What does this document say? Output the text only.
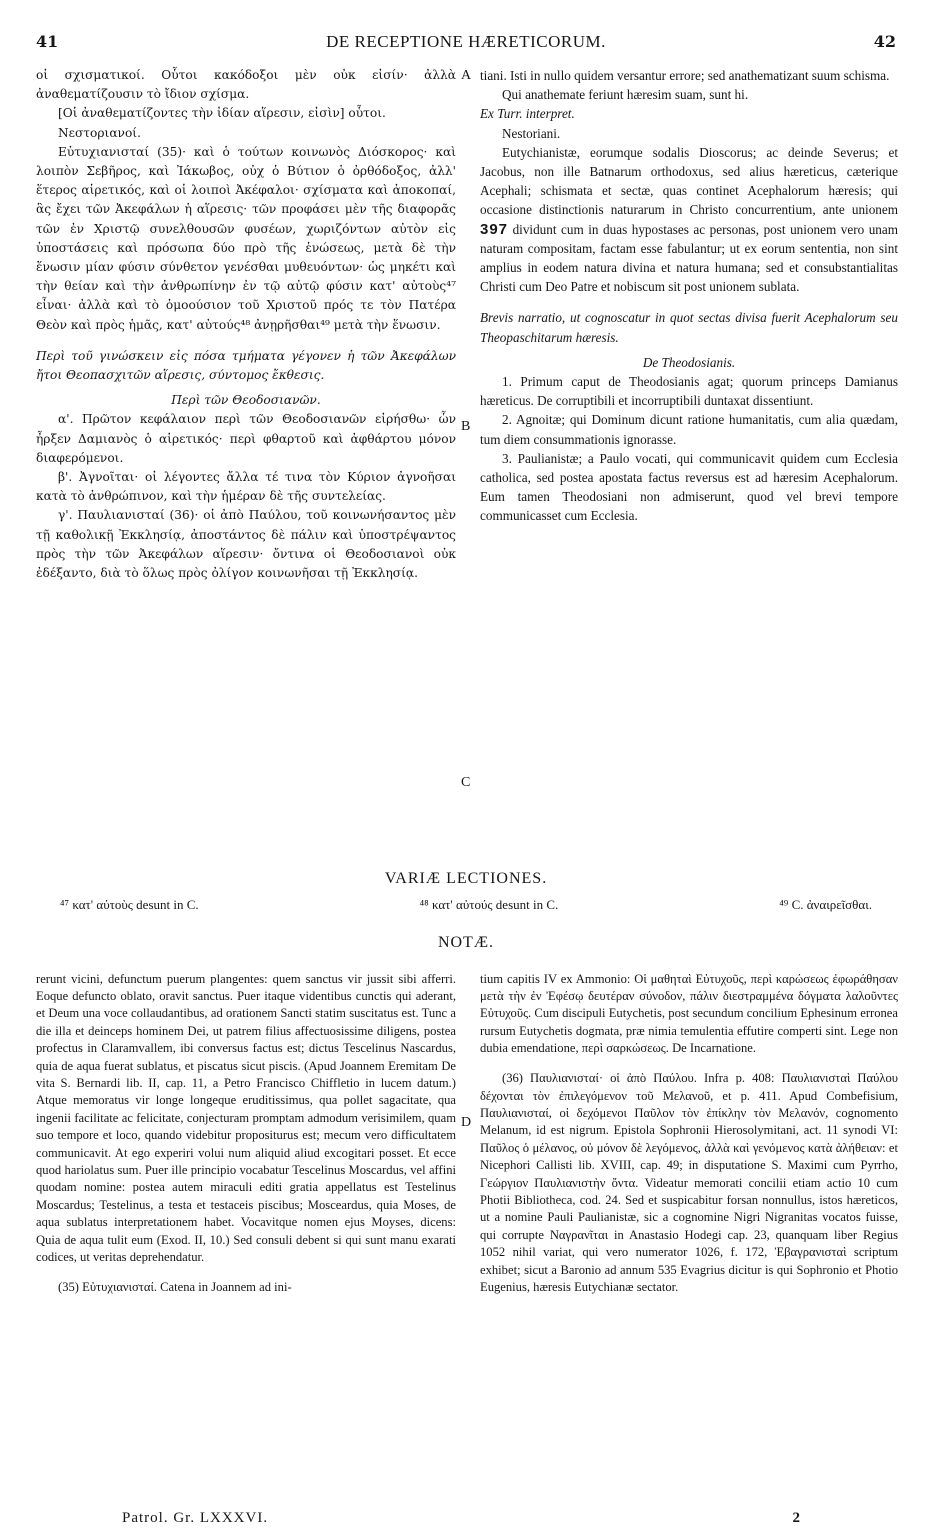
41	DE RECEPTIONE HÆRETICORUM.	42

οἱ σχισματικοί. Οὗτοι κακόδοξοι μὲν οὐκ εἰσίν· ἀλλὰ ἀναθεματίζουσιν τὸ ἴδιον σχίσμα.

[Οἱ ἀναθεματίζοντες τὴν ἰδίαν αἵρεσιν, εἰσὶν] οὗτοι.

Νεστοριανοί.

Εὐτυχιανισταί (35)· καὶ ὁ τούτων κοινωνὸς Διόσκορος· καὶ λοιπὸν Σεβῆρος, καὶ Ἰάκωβος, οὐχ ὁ Βύτιον ὁ ὀρθόδοξος, ἀλλ' ἕτερος αἱρετικός, καὶ οἱ λοιποὶ Ἀκέφαλοι· σχίσματα καὶ ἀποκοπαί, ἃς ἔχει τῶν Ἀκεφάλων ἡ αἵρεσις· τῶν προφάσει μὲν τῆς διαφορᾶς τῶν ἐν Χριστῷ συνελθουσῶν φυσέων, χωριζόντων αὐτὸν εἰς ὑποστάσεις καὶ πρόσωπα δύο πρὸ τῆς ἑνώσεως, μετὰ δὲ τὴν ἕνωσιν μίαν φύσιν σύνθετον γενέσθαι μυθευόντων· ὡς μηκέτι καὶ τὴν θείαν καὶ τὴν ἀνθρωπίνην ἐν τῷ αὐτῷ φύσιν κατ' αὐτοὺς⁴⁷ εἶναι· ἀλλὰ καὶ τὸ ὁμοούσιον τοῦ Χριστοῦ πρός τε τὸν Πατέρα Θεὸν καὶ πρὸς ἡμᾶς, κατ' αὐτούς⁴⁸ ἀνῃρῆσθαι⁴⁹ μετὰ τὴν ἕνωσιν.

Περὶ τοῦ γινώσκειν εἰς πόσα τμήματα γέγονεν ἡ τῶν Ἀκεφάλων ἤτοι Θεοπασχιτῶν αἵρεσις, σύντομος ἔκθεσις.

Περὶ τῶν Θεοδοσιανῶν.

α'. Πρῶτον κεφάλαιον περὶ τῶν Θεοδοσιανῶν εἰρήσθω· ὧν ἦρξεν Δαμιανὸς ὁ αἱρετικός· περὶ φθαρτοῦ καὶ ἀφθάρτου μόνον διαφερόμενοι.

β'. Ἀγνοῖται· οἱ λέγοντες ἄλλα τέ τινα τὸν Κύριον ἀγνοῆσαι κατὰ τὸ ἀνθρώπινον, καὶ τὴν ἡμέραν δὲ τῆς συντελείας.

γ'. Παυλιανισταί (36)· οἱ ἀπὸ Παύλου, τοῦ κοινωνήσαντος μὲν τῇ καθολικῇ Ἐκκλησίᾳ, ἀποστάντος δὲ πάλιν καὶ ὑποστρέψαντος πρὸς τὴν τῶν Ἀκεφάλων αἵρεσιν· ὄντινα οἱ Θεοδοσιανοὶ οὐκ ἐδέξαντο, διὰ τὸ ὅλως πρὸς ὀλίγον κοινωνῆσαι τῇ Ἐκκλησίᾳ.

A
B
C
D

tiani. Isti in nullo quidem versantur errore; sed anathematizant suum schisma.

Qui anathemate feriunt hæresim suam, sunt hi.

Ex Turr. interpret.

Nestoriani.

Eutychianistæ, eorumque sodalis Dioscorus; ac deinde Severus; et Jacobus, non ille Batnarum orthodoxus, sed alius hæreticus, cæterique Acephali; schismata et sectæ, quas continet Acephalorum hæresis; qui occasione distinctionis naturarum in Christo concurrentium, ante unionem 397 dividunt cum in duas hypostases ac personas, post unionem vero unam naturam compositam, factam esse fabulantur; ut ex eorum sententia, non sint amplius in eodem natura divina et natura humana; sed et consubstantialitas Christi cum Deo Patre et nobiscum sit post unionem sublata.

Brevis narratio, ut cognoscatur in quot sectas divisa fuerit Acephalorum seu Theopaschitarum hæresis.

De Theodosianis.

1. Primum caput de Theodosianis agat; quorum princeps Damianus hæreticus. De corruptibili et incorruptibili duntaxat dissentiunt.

2. Agnoitæ; qui Dominum dicunt ratione humanitatis, cum alia quædam, tum diem consummationis ignorasse.

3. Paulianistæ; a Paulo vocati, qui communicavit quidem cum Ecclesia catholica, sed postea apostata factus reversus est ad hæresim Acephalorum. Eum tamen Theodosiani non admiserunt, quod vel brevi tempore communicasset cum Ecclesia.

VARIÆ LECTIONES.
⁴⁷ κατ' αὐτοὺς desunt in C.	⁴⁸ κατ' αὐτούς desunt in C.	⁴⁹ C. ἀναιρεῖσθαι.
NOTÆ.

rerunt vicini, defunctum puerum plangentes: quem sanctus vir jussit sibi afferri. Eoque defuncto oblato, oravit sanctus. Puer itaque videntibus cunctis qui aderant, et Deum una voce collaudantibus, ad orationem Sancti statim suscitatus est. Tunc a die illa et deinceps hominem Dei, ut patrem filius affectuosissime diligens, postea profectus in Claramvallem, ibi conversus factus est; dictus Tescelinus Nascardus, quia de aqua fuerat sublatus, et piscatus sicut piscis. (Apud Joannem Eremitam De vita S. Bernardi lib. II, cap. 11, a Petro Francisco Chiffletio in lucem datum.) Atque memoratus vir longe longeque eruditissimus, qua pollet sagacitate, qua ingenii facilitate ac felicitate, conjecturam promptam admodum verisimilem, quam suo tempore et loco, quando videbitur propositurus est; mecum vero difficultatem communicavit. At ego experiri volui num aliquid aliud excogitari posset. Et ecce quod hariolatus sum. Puer ille principio vocabatur Tescelinus Moscardus, vel affini quodam nomine: postea autem miraculi editi gratia appellatus est Testelinus Moscardus; Testelinus, a testa et testaceis piscibus; Mosceardus, quia Moses, de aqua sublatus interpretationem habet. Vocavitque nomen ejus Moyses, dicens: Quia de aqua tulit eum (Exod. II, 10.) Sed consuli debent si qui sunt manu exarati codices, ut veritas deprehendatur.

(35) Εὐτυχιανισταί. Catena in Joannem ad ini-

tium capitis IV ex Ammonio: Οἱ μαθηταὶ Εὐτυχοῦς, περὶ καρώσεως ἐφωράθησαν μετὰ τὴν ἐν Ἐφέσῳ δευτέραν σύνοδον, πάλιν διεστραμμένα δόγματα λαλοῦντες Εὐτυχοῦς. Cum discipuli Eutychetis, post secundum concilium Ephesinum erronea rursum Eutychetis dogmata, præ nimia temulentia effutire comperti sint. Lege non dubia emendatione, περὶ σαρκώσεως. De Incarnatione.

(36) Παυλιανισταί· οἱ ἀπὸ Παύλου. Infra p. 408: Παυλιανισταὶ Παύλου δέχονται τὸν ἐπιλεγόμενον τοῦ Μελανοῦ, et p. 411. Apud Combefisium, Παυλιανισταί, οἱ δεχόμενοι Παῦλον τὸν ἐπίκλην τὸν Μελανόν, cognomento Melanum, id est nigrum. Epistola Sophronii Hierosolymitani, act. 11 synodi VI: Παῦλος ὁ μέλανος, οὐ μόνον δὲ λεγόμενος, ἀλλὰ καὶ γενόμενος κατὰ ἀλήθειαν: et Nicephori Callisti lib. XVIII, cap. 49; in disputatione S. Maximi cum Pyrrho, Γεώργιον Παυλιανιστὴν ὄντα. Videatur memorati concilii etiam actio 10 cum Photii Bibliotheca, cod. 24. Sed et suspicabitur forsan nonnullus, istos hæreticos, ut a nomine Pauli Paulianistæ, sic a cognomine Nigri Nigranitas vocatos fuisse, qui corrupte Ναγρανῖται in Anastasio Hodegi cap. 23, quanquam liber Regius 1052 nihil variat, qui vero numerator 1026, f. 172, Ἐβαγρανισταὶ scriptum exhibet; sicut a Baronio ad annum 535 Evagrius dicitur is qui Sophronio et Photio Eugenius, hæresis Eutychianæ sectator.

Patrol. Gr. LXXXVI.	2
